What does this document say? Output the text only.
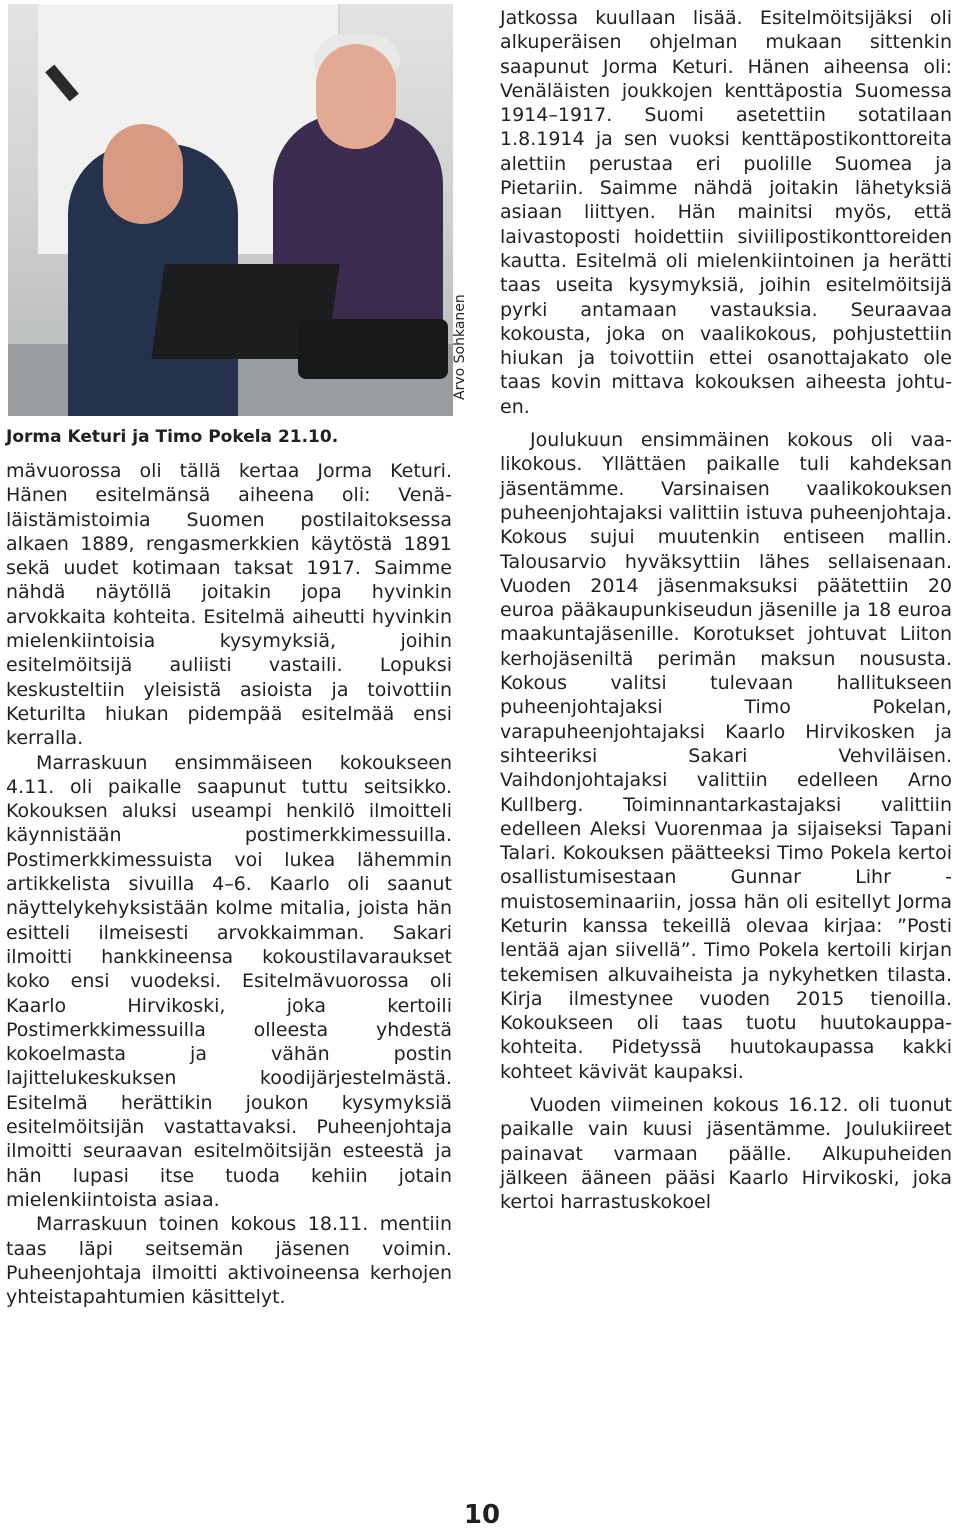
Arvo Sohkanen
Jorma Keturi ja Timo Pokela 21.10.

mävuorossa oli tällä kertaa Jorma Keturi. Hänen esitelmänsä aiheena oli: Venäläistämistoimia Suomen postilaitoksessa alkaen 1889, rengasmerkkien käytöstä 1891 sekä uudet kotimaan taksat 1917. Saimme nähdä näytöllä joitakin jopa hyvinkin arvokkaita kohteita. Esitelmä aiheutti hyvinkin mielenkiintoisia kysymyksiä, joihin esitelmöitsijä auliisti vastaili. Lopuksi keskusteltiin yleisistä asioista ja toivottiin Keturilta hiukan pidempää esitelmää ensi kerralla.

Marraskuun ensimmäiseen kokoukseen 4.11. oli paikalle saapunut tuttu seitsikko. Kokouksen aluksi useampi henkilö ilmoitteli käynnistään postimerkkimessuilla. Postimerkkimessuista voi lukea lähemmin artikkelista sivuilla 4–6. Kaarlo oli saanut näyttelykehyksistään kolme mitalia, joista hän esitteli ilmeisesti arvokkaimman. Sakari ilmoitti hankkineensa kokoustilavaraukset koko ensi vuodeksi. Esitelmävuorossa oli Kaarlo Hirvikoski, joka kertoili Postimerkkimessuilla olleesta yhdestä kokoelmasta ja vähän postin lajittelukeskuksen koodijärjestelmästä. Esitelmä herättikin joukon kysymyksiä esitelmöitsijän vastattavaksi. Puheenjohtaja ilmoitti seuraavan esitelmöitsijän esteestä ja hän lupasi itse tuoda kehiin jotain mielenkiintoista asiaa.

Marraskuun toinen kokous 18.11. mentiin taas läpi seitsemän jäsenen voimin. Puheenjohtaja ilmoitti aktivoineensa kerhojen yhteistapahtumien käsittelyt.

Jatkossa kuullaan lisää. Esitelmöitsijäksi oli alkuperäisen ohjelman mukaan sittenkin saapunut Jorma Keturi. Hänen aiheensa oli: Venäläisten joukkojen kenttäpostia Suomessa 1914–1917. Suomi asetettiin sotatilaan 1.8.1914 ja sen vuoksi kenttäpostikonttoreita alettiin perustaa eri puolille Suomea ja Pietariin. Saimme nähdä joitakin lähetyksiä asiaan liittyen. Hän mainitsi myös, että laivastoposti hoidettiin siviilipostikonttoreiden kautta. Esitelmä oli mielenkiintoinen ja herätti taas useita kysymyksiä, joihin esitelmöitsijä pyrki antamaan vastauksia. Seuraavaa kokousta, joka on vaalikokous, pohjustettiin hiukan ja toivottiin ettei osanottajakato ole taas kovin mittava kokouksen aiheesta johtuen.

Joulukuun ensimmäinen kokous oli vaalikokous. Yllättäen paikalle tuli kahdeksan jäsentämme. Varsinaisen vaalikokouksen puheenjohtajaksi valittiin istuva puheenjohtaja. Kokous sujui muutenkin entiseen mallin. Talousarvio hyväksyttiin lähes sellaisenaan. Vuoden 2014 jäsenmaksuksi päätettiin 20 euroa pääkaupunkiseudun jäsenille ja 18 euroa maakuntajäsenille. Korotukset johtuvat Liiton kerhojäseniltä perimän maksun noususta. Kokous valitsi tulevaan hallitukseen puheenjohtajaksi Timo Pokelan, varapuheenjohtajaksi Kaarlo Hirvikosken ja sihteeriksi Sakari Vehviläisen. Vaihdonjohtajaksi valittiin edelleen Arno Kullberg. Toiminnantarkastajaksi valittiin edelleen Aleksi Vuorenmaa ja sijaiseksi Tapani Talari. Kokouksen päätteeksi Timo Pokela kertoi osallistumisestaan Gunnar Lihr -muistoseminaariin, jossa hän oli esitellyt Jorma Keturin kanssa tekeillä olevaa kirjaa: ”Posti lentää ajan siivellä”. Timo Pokela kertoili kirjan tekemisen alkuvaiheista ja nykyhetken tilasta. Kirja ilmestynee vuoden 2015 tienoilla. Kokoukseen oli taas tuotu huutokauppakohteita. Pidetyssä huutokaupassa kakki kohteet kävivät kaupaksi.

Vuoden viimeinen kokous 16.12. oli tuonut paikalle vain kuusi jäsentämme. Joulukiireet painavat varmaan päälle. Alkupuheiden jälkeen ääneen pääsi Kaarlo Hirvikoski, joka kertoi harrastuskokoel

10
